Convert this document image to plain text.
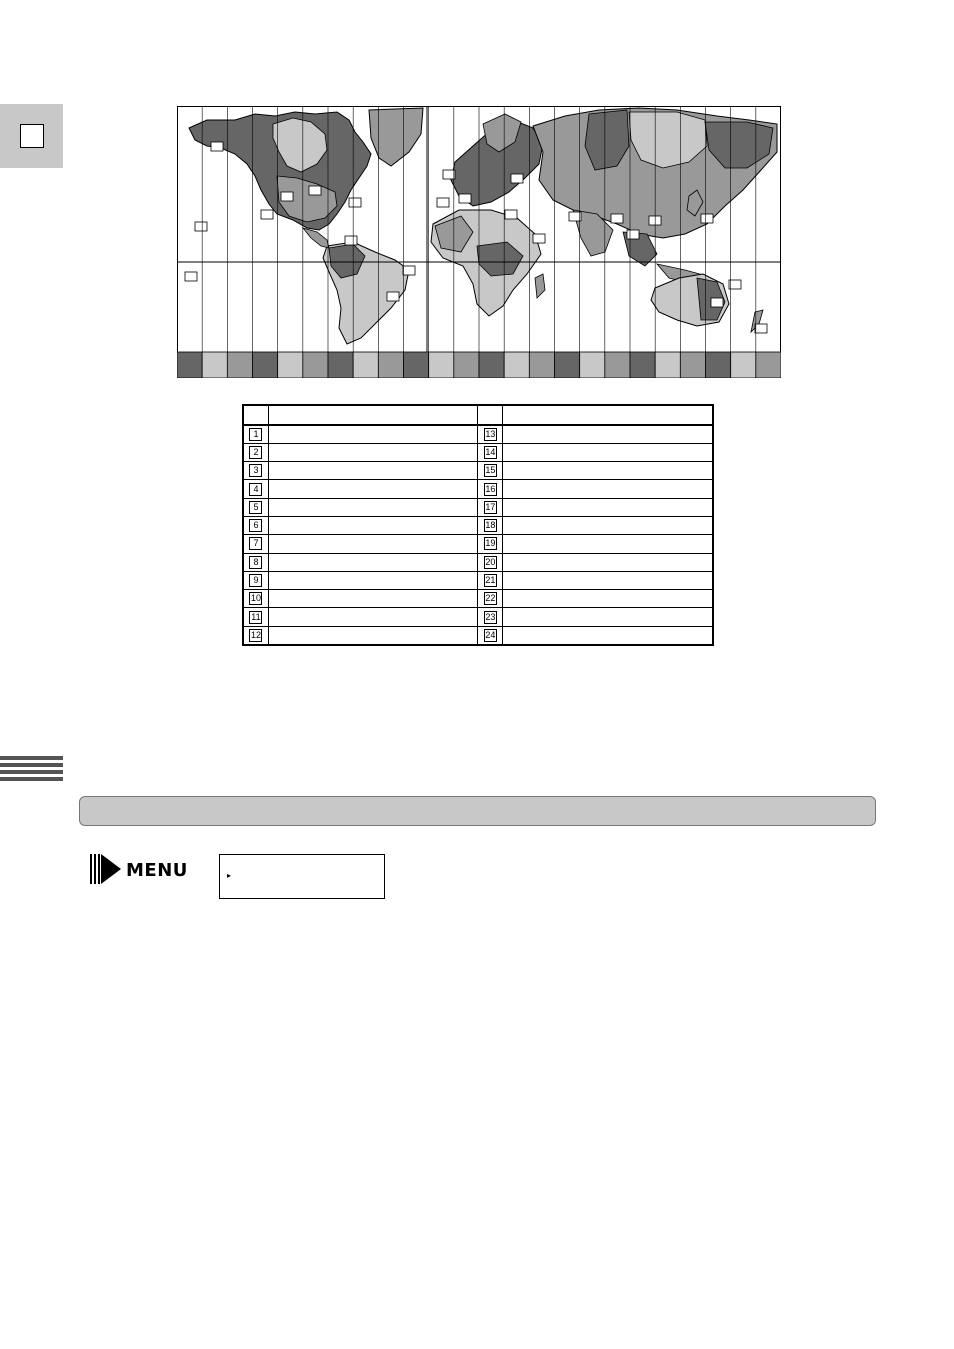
1		13	
2		14	
3		15	
4		16	
5		17	
6		18	
7		19	
8		20	
9		21	
10		22	
11		23	
12		24	
MENU	▸
